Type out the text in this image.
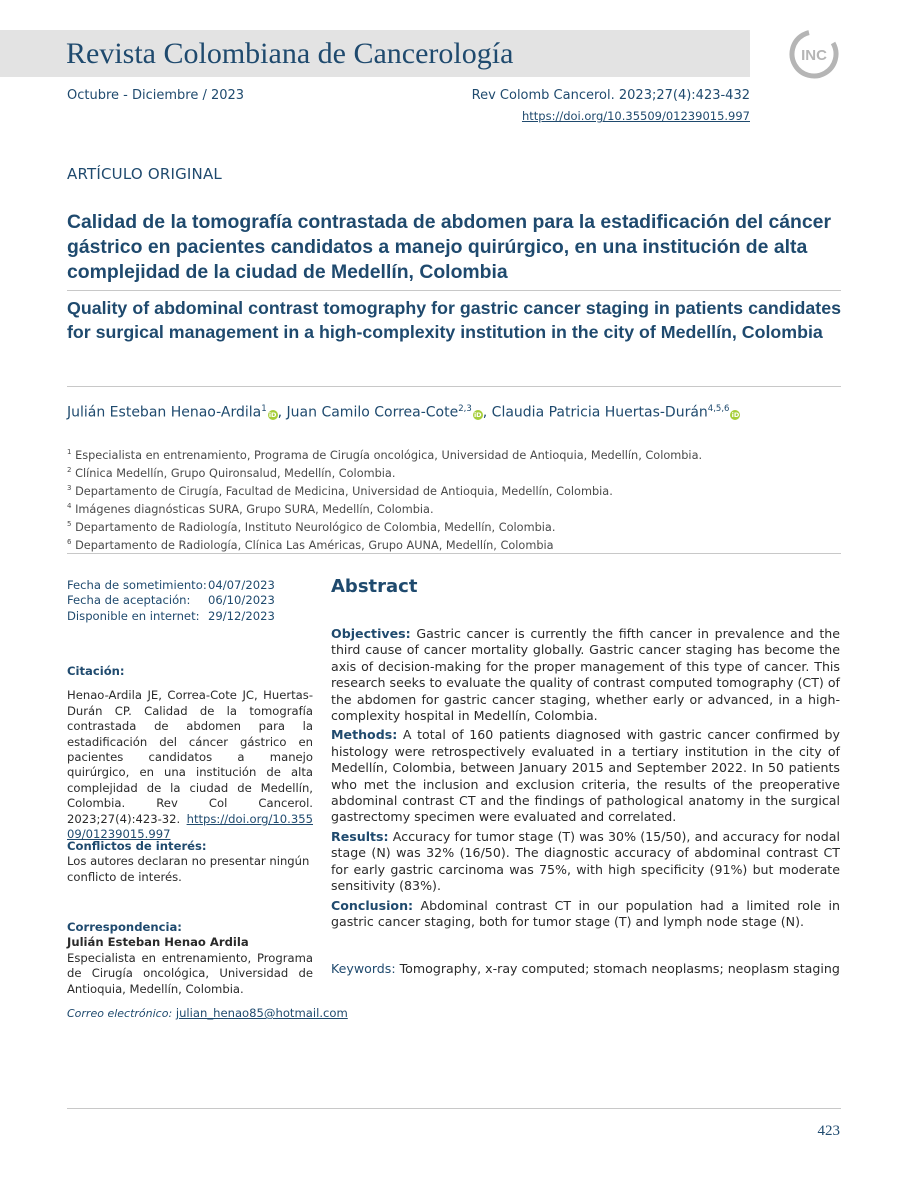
Revista Colombiana de Cancerología	INC
Octubre - Diciembre / 2023	Rev Colomb Cancerol. 2023;27(4):423-432
https://doi.org/10.35509/01239015.997
ARTÍCULO ORIGINAL
Calidad de la tomografía contrastada de abdomen para la estadificación del cáncer gástrico en pacientes candidatos a manejo quirúrgico, en una institución de alta complejidad de la ciudad de Medellín, Colombia
Quality of abdominal contrast tomography for gastric cancer staging in patients candidates for surgical management in a high-complexity institution in the city of Medellín, Colombia
Julián Esteban Henao-Ardila$^1$iD, Juan Camilo Correa-Cote$^{2,3}$iD, Claudia Patricia Huertas-Durán$^{4,5,6}$iD
$^1$ Especialista en entrenamiento, Programa de Cirugía oncológica, Universidad de Antioquia, Medellín, Colombia.
$^2$ Clínica Medellín, Grupo Quironsalud, Medellín, Colombia.
$^3$ Departamento de Cirugía, Facultad de Medicina, Universidad de Antioquia, Medellín, Colombia.
$^4$ Imágenes diagnósticas SURA, Grupo SURA, Medellín, Colombia.
$^5$ Departamento de Radiología, Instituto Neurológico de Colombia, Medellín, Colombia.
$^6$ Departamento de Radiología, Clínica Las Américas, Grupo AUNA, Medellín, Colombia
Fecha de sometimiento: 04/07/2023
Fecha de aceptación:	06/10/2023
Disponible en internet: 29/12/2023
Citación:
Henao-Ardila JE, Correa-Cote JC, Huertas-Durán CP. Calidad de la tomografía contrastada de abdomen para la estadificación del cáncer gástrico en pacientes candidatos a manejo quirúrgico, en una institución de alta complejidad de la ciudad de Medellín, Colombia. Rev Col Cancerol. 2023;27(4):423-32. https://doi.org/10.35509/01239015.997
Conflictos de interés:
Los autores declaran no presentar ningún conflicto de interés.
Correspondencia:
Julián Esteban Henao Ardila
Especialista en entrenamiento, Programa de Cirugía oncológica, Universidad de Antioquia, Medellín, Colombia.
Correo electrónico: julian_henao85@hotmail.com
Abstract

Objectives: Gastric cancer is currently the fifth cancer in prevalence and the third cause of cancer mortality globally. Gastric cancer staging has become the axis of decision-making for the proper management of this type of cancer. This research seeks to evaluate the quality of contrast computed tomography (CT) of the abdomen for gastric cancer staging, whether early or advanced, in a high-complexity hospital in Medellín, Colombia.

Methods: A total of 160 patients diagnosed with gastric cancer confirmed by histology were retrospectively evaluated in a tertiary institution in the city of Medellín, Colombia, between January 2015 and September 2022. In 50 patients who met the inclusion and exclusion criteria, the results of the preoperative abdominal contrast CT and the findings of pathological anatomy in the surgical gastrectomy specimen were evaluated and correlated.

Results: Accuracy for tumor stage (T) was 30% (15/50), and accuracy for nodal stage (N) was 32% (16/50). The diagnostic accuracy of abdominal contrast CT for early gastric carcinoma was 75%, with high specificity (91%) but moderate sensitivity (83%).

Conclusion: Abdominal contrast CT in our population had a limited role in gastric cancer staging, both for tumor stage (T) and lymph node stage (N).

Keywords: Tomography, x-ray computed; stomach neoplasms; neoplasm staging
423
